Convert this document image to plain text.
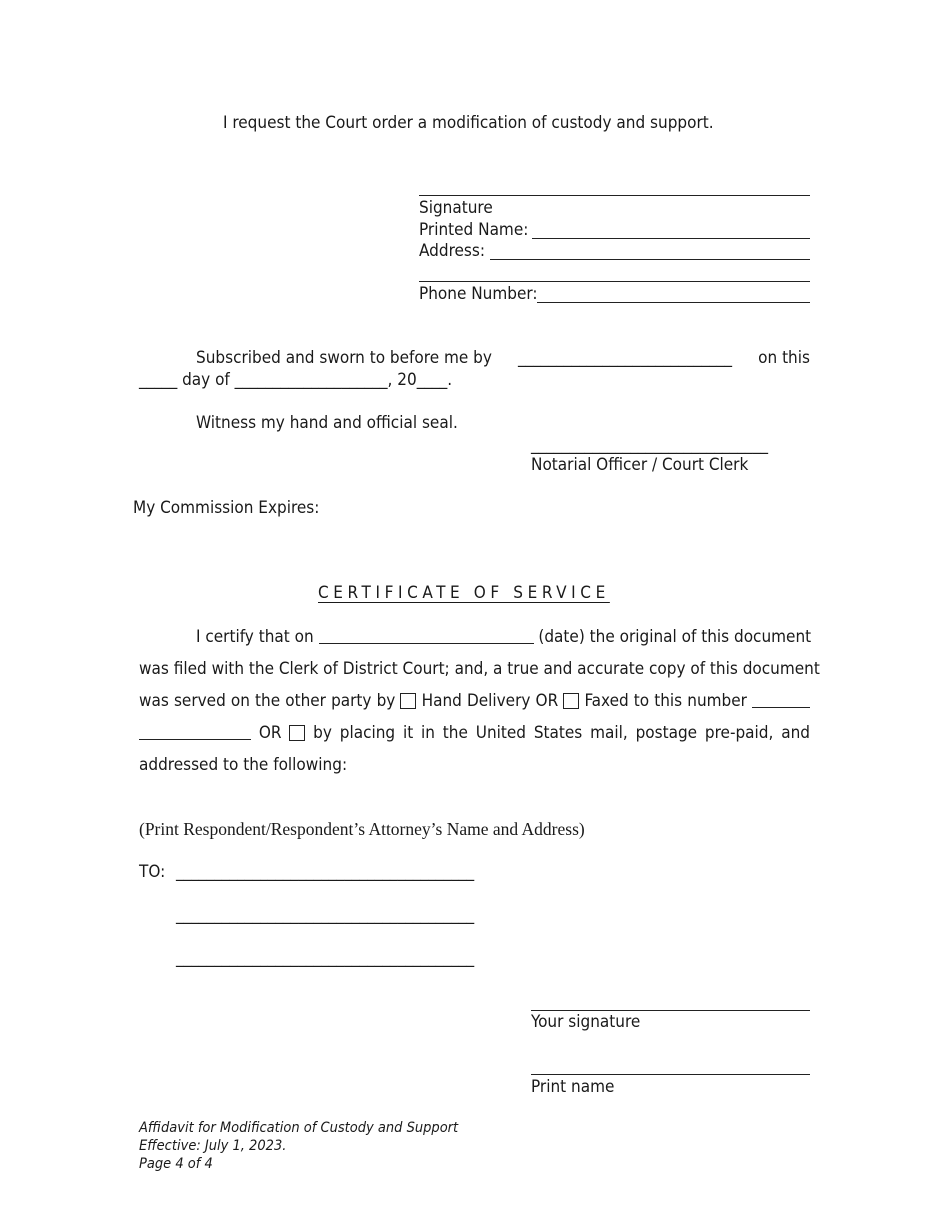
I request the Court order a modification of custody and support.
Signature
Printed Name:
Address:
Phone Number:
Subscribed and sworn to before me by ____________________________ on this
_____ day of ____________________, 20____.
Witness my hand and official seal.
_______________________________
Notarial Officer / Court Clerk
My Commission Expires:
CERTIFICATE OF SERVICE
I certify that on	(date) the original of this document
was filed with the Clerk of District Court; and, a true and accurate copy of this document
was served on the other party by Hand Delivery OR Faxed to this number
OR by placing it in the United States mail, postage pre-paid, and
addressed to the following:
(Print Respondent/Respondent’s Attorney’s Name and Address)
TO: _______________________________________
_______________________________________
_______________________________________
Your signature
Print name
Affidavit for Modification of Custody and Support
Effective: July 1, 2023.
Page 4 of 4
